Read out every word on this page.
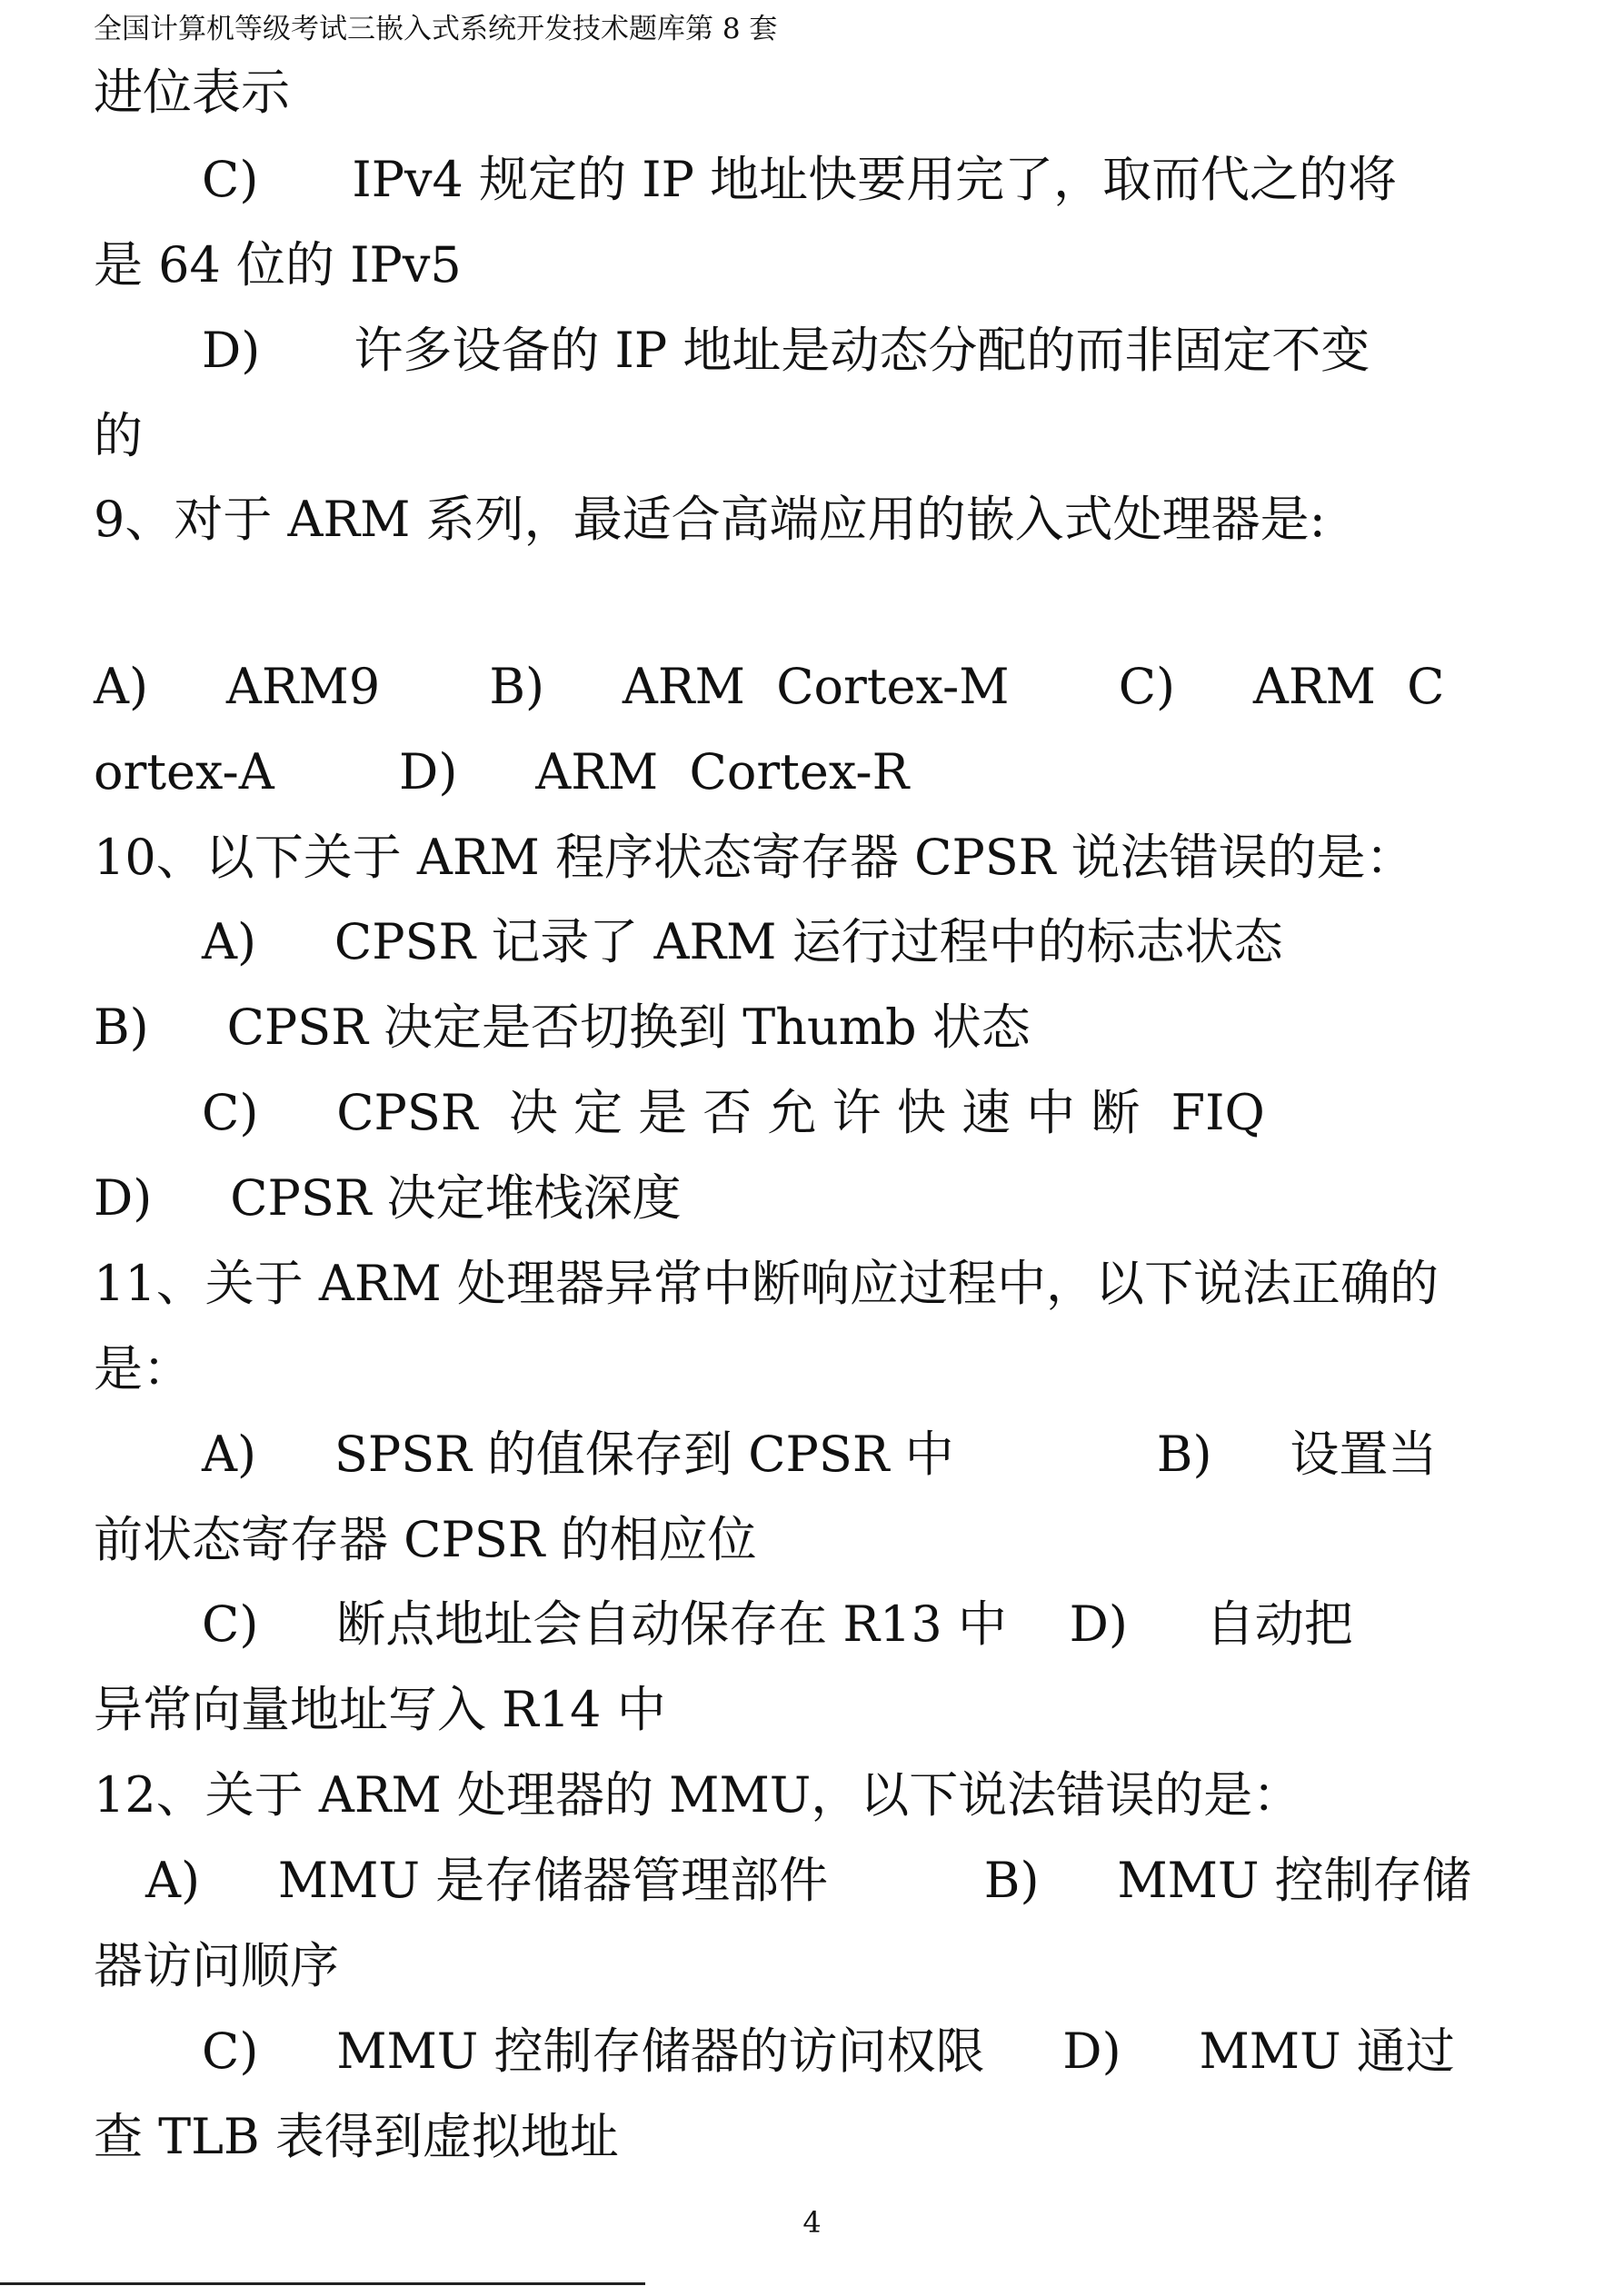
全国计算机等级考试三嵌入式系统开发技术题库第 8 套
进位表示
C)      IPv4 规定的 IP 地址快要用完了，取而代之的将
是 64 位的 IPv5
D)      许多设备的 IP 地址是动态分配的而非固定不变
的
9、对于 ARM 系列，最适合高端应用的嵌入式处理器是:
A)     ARM9       B)     ARM  Cortex-M       C)     ARM  C
ortex-A        D)     ARM  Cortex-R
10、以下关于 ARM 程序状态寄存器 CPSR 说法错误的是：
A)     CPSR 记录了 ARM 运行过程中的标志状态
B)     CPSR 决定是否切换到 Thumb 状态
C)     CPSR  决 定 是 否 允 许 快 速 中 断  FIQ
D)     CPSR 决定堆栈深度
11、关于 ARM 处理器异常中断响应过程中，以下说法正确的
是：
A)     SPSR 的值保存到 CPSR 中             B)     设置当
前状态寄存器 CPSR 的相应位
C)     断点地址会自动保存在 R13 中    D)     自动把
异常向量地址写入 R14 中
12、关于 ARM 处理器的 MMU，以下说法错误的是：
A)     MMU 是存储器管理部件          B)     MMU 控制存储
器访问顺序
C)     MMU 控制存储器的访问权限     D)     MMU 通过
查 TLB 表得到虚拟地址
4
